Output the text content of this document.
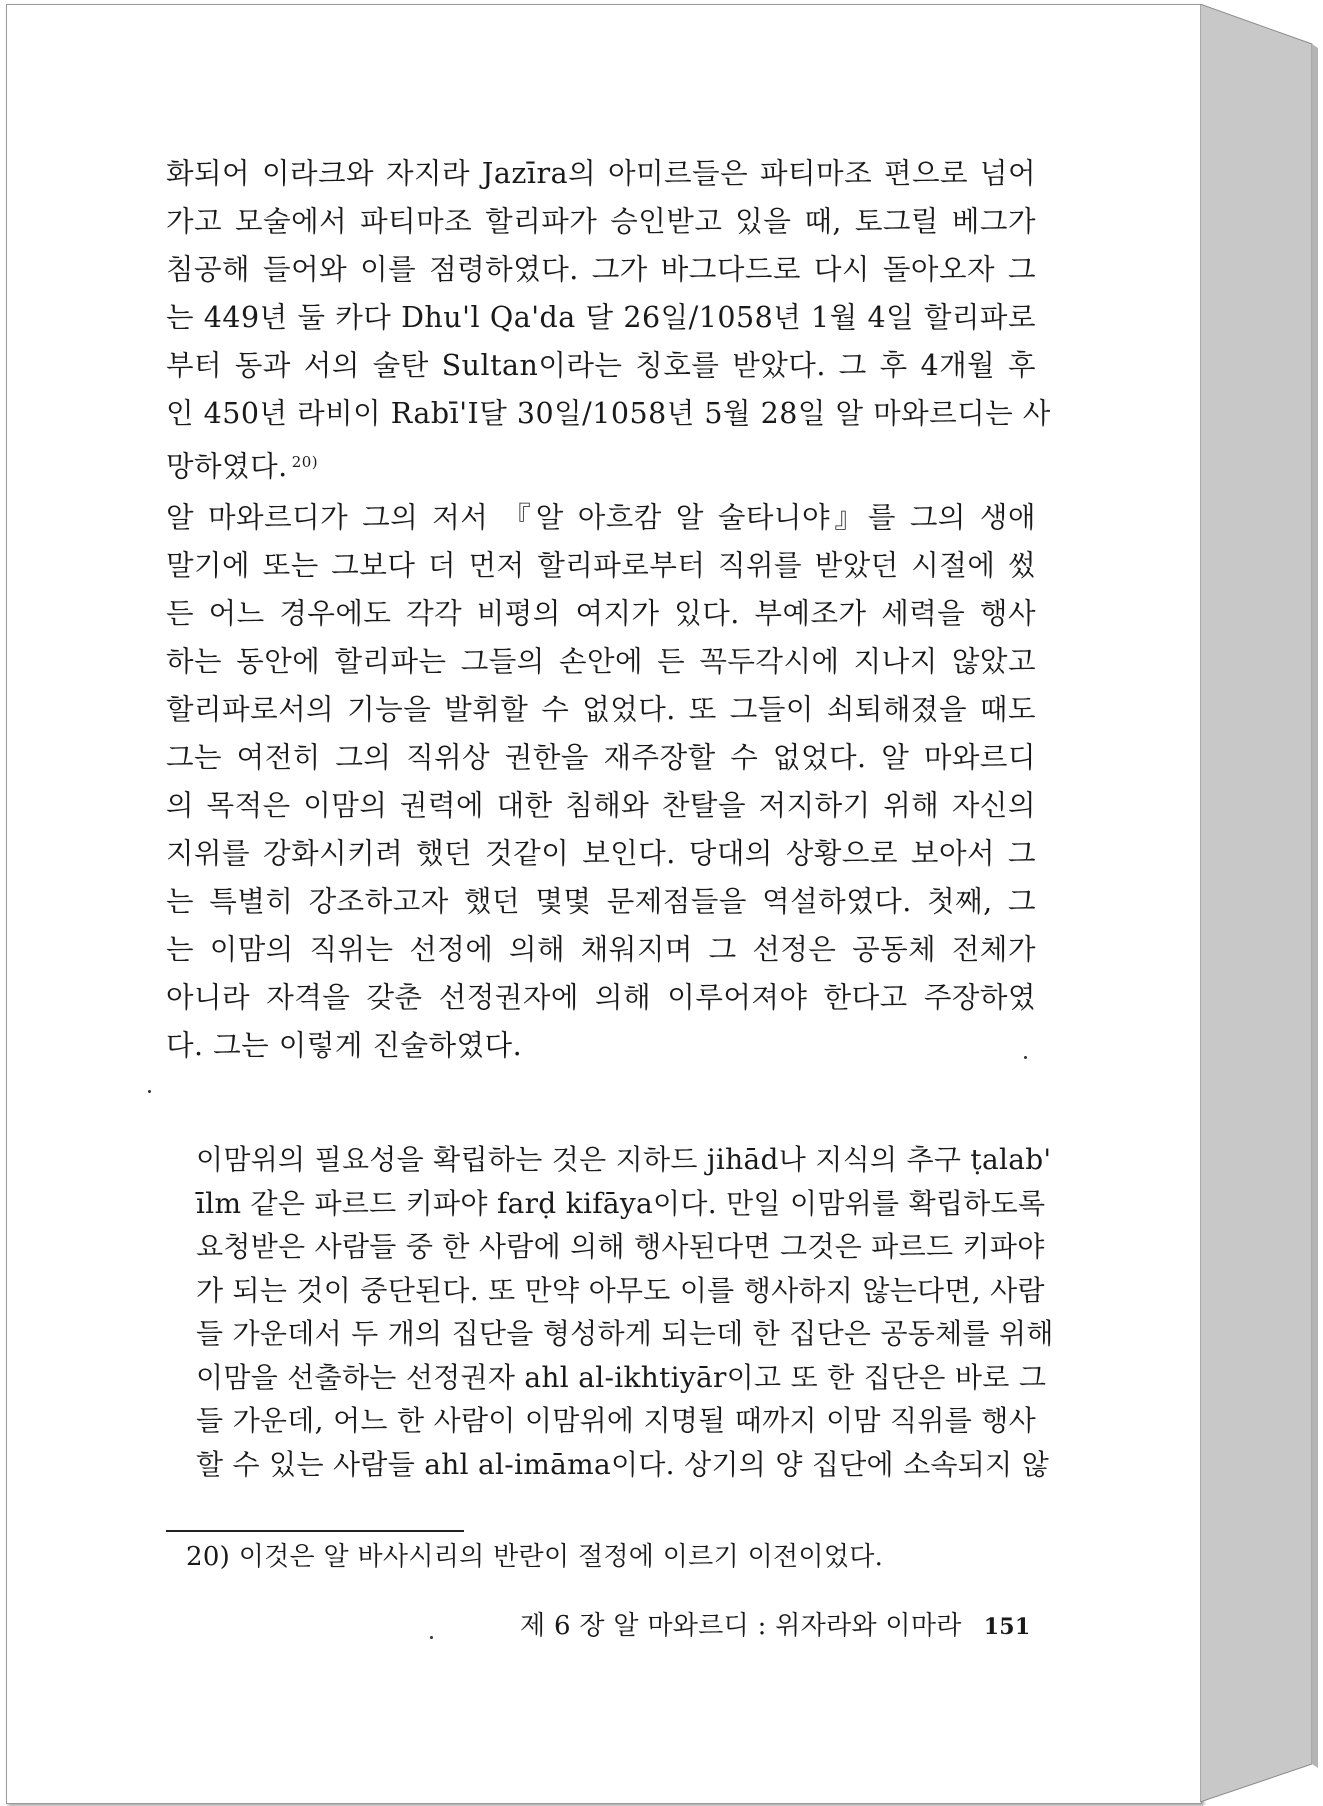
화되어 이라크와 자지라 Jazīra의 아미르들은 파티마조 편으로 넘어
가고 모술에서 파티마조 할리파가 승인받고 있을 때, 토그릴 베그가
침공해 들어와 이를 점령하였다. 그가 바그다드로 다시 돌아오자 그
는 449년 둘 카다 Dhu'l Qa'da 달 26일/1058년 1월 4일 할리파로
부터 동과 서의 술탄 Sultan이라는 칭호를 받았다. 그 후 4개월 후
인 450년 라비이 Rabī'I달 30일/1058년 5월 28일 알 마와르디는 사
망하였다. $^{20)}$

알 마와르디가 그의 저서 『알 아흐캄 알 술타니야』를 그의 생애
말기에 또는 그보다 더 먼저 할리파로부터 직위를 받았던 시절에 썼
든 어느 경우에도 각각 비평의 여지가 있다. 부예조가 세력을 행사
하는 동안에 할리파는 그들의 손안에 든 꼭두각시에 지나지 않았고
할리파로서의 기능을 발휘할 수 없었다. 또 그들이 쇠퇴해졌을 때도
그는 여전히 그의 직위상 권한을 재주장할 수 없었다. 알 마와르디
의 목적은 이맘의 권력에 대한 침해와 찬탈을 저지하기 위해 자신의
지위를 강화시키려 했던 것같이 보인다. 당대의 상황으로 보아서 그
는 특별히 강조하고자 했던 몇몇 문제점들을 역설하였다. 첫째, 그
는 이맘의 직위는 선정에 의해 채워지며 그 선정은 공동체 전체가
아니라 자격을 갖춘 선정권자에 의해 이루어져야 한다고 주장하였
다. 그는 이렇게 진술하였다.

이맘위의 필요성을 확립하는 것은 지하드 jihād나 지식의 추구 ṭalab'
īlm 같은 파르드 키파야 farḍ kifāya이다. 만일 이맘위를 확립하도록
요청받은 사람들 중 한 사람에 의해 행사된다면 그것은 파르드 키파야
가 되는 것이 중단된다. 또 만약 아무도 이를 행사하지 않는다면, 사람
들 가운데서 두 개의 집단을 형성하게 되는데 한 집단은 공동체를 위해
이맘을 선출하는 선정권자 ahl al-ikhtiyār이고 또 한 집단은 바로 그
들 가운데, 어느 한 사람이 이맘위에 지명될 때까지 이맘 직위를 행사
할 수 있는 사람들 ahl al-imāma이다. 상기의 양 집단에 소속되지 않
20) 이것은 알 바사시리의 반란이 절정에 이르기 이전이었다.
제 6 장 알 마와르디 : 위자라와 이마라 151
